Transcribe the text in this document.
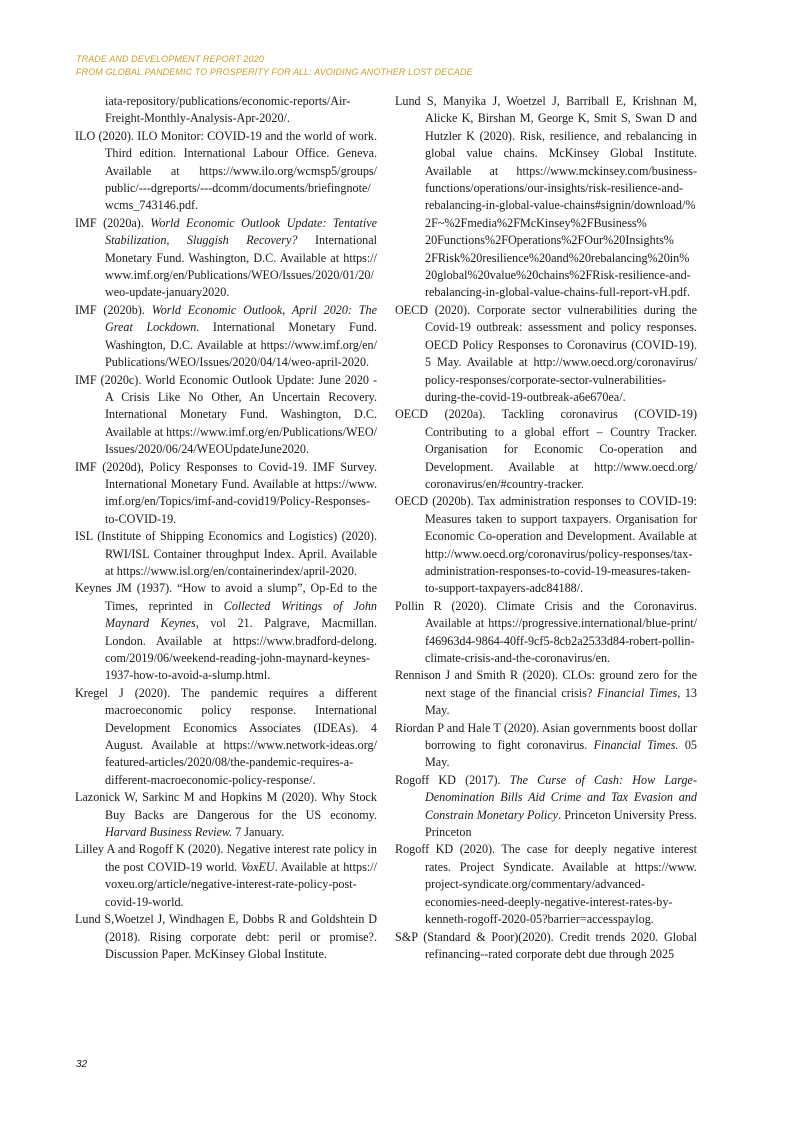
TRADE AND DEVELOPMENT REPORT 2020
FROM GLOBAL PANDEMIC TO PROSPERITY FOR ALL: AVOIDING ANOTHER LOST DECADE

iata-repository/publications/economic-reports/Air-Freight-Monthly-Analysis-Apr-2020/.

ILO (2020). ILO Monitor: COVID-19 and the world of work. Third edition. International Labour Office. Geneva. Available at https://www.ilo.org/wcmsp5/groups/public/---dgreports/---dcomm/documents/briefingnote/wcms_743146.pdf.

IMF (2020a). World Economic Outlook Update: Tentative Stabilization, Sluggish Recovery? International Monetary Fund. Washington, D.C. Available at https://www.imf.org/en/Publications/WEO/Issues/2020/01/20/weo-update-january2020.

IMF (2020b). World Economic Outlook, April 2020: The Great Lockdown. International Monetary Fund. Washington, D.C. Available at https://www.imf.org/en/Publications/WEO/Issues/2020/04/14/weo-april-2020.

IMF (2020c). World Economic Outlook Update: June 2020 - A Crisis Like No Other, An Uncertain Recovery. International Monetary Fund. Washington, D.C. Available at https://www.imf.org/en/Publications/WEO/Issues/2020/06/24/WEOUpdateJune2020.

IMF (2020d), Policy Responses to Covid-19. IMF Survey. International Monetary Fund. Available at https://www.imf.org/en/Topics/imf-and-covid19/Policy-Responses-to-COVID-19.

ISL (Institute of Shipping Economics and Logistics) (2020). RWI/ISL Container throughput Index. April. Available at https://www.isl.org/en/containerindex/april-2020.

Keynes JM (1937). “How to avoid a slump”, Op-Ed to the Times, reprinted in Collected Writings of John Maynard Keynes, vol 21. Palgrave, Macmillan. London. Available at https://www.bradford-delong.com/2019/06/weekend-reading-john-maynard-keynes-1937-how-to-avoid-a-slump.html.

Kregel J (2020). The pandemic requires a different macroeconomic policy response. International Development Economics Associates (IDEAs). 4 August. Available at https://www.network-ideas.org/featured-articles/2020/08/the-pandemic-requires-a-different-macroeconomic-policy-response/.

Lazonick W, Sarkinc M and Hopkins M (2020). Why Stock Buy Backs are Dangerous for the US economy. Harvard Business Review. 7 January.

Lilley A and Rogoff K (2020). Negative interest rate policy in the post COVID-19 world. VoxEU. Available at https://voxeu.org/article/negative-interest-rate-policy-post-covid-19-world.

Lund S,Woetzel J, Windhagen E, Dobbs R and Goldshtein D (2018). Rising corporate debt: peril or promise?. Discussion Paper. McKinsey Global Institute.

Lund S, Manyika J, Woetzel J, Barriball E, Krishnan M, Alicke K, Birshan M, George K, Smit S, Swan D and Hutzler K (2020). Risk, resilience, and rebalancing in global value chains. McKinsey Global Institute. Available at https://www.mckinsey.com/business-functions/operations/our-insights/risk-resilience-and-rebalancing-in-global-value-chains#signin/download/%2F~%2Fmedia%2FMcKinsey%2FBusiness%20Functions%2FOperations%2FOur%20Insights%2FRisk%20resilience%20and%20rebalancing%20in%20global%20value%20chains%2FRisk-resilience-and-rebalancing-in-global-value-chains-full-report-vH.pdf.

OECD (2020). Corporate sector vulnerabilities during the Covid-19 outbreak: assessment and policy responses. OECD Policy Responses to Coronavirus (COVID-19). 5 May. Available at http://www.oecd.org/coronavirus/policy-responses/corporate-sector-vulnerabilities-during-the-covid-19-outbreak-a6e670ea/.

OECD (2020a). Tackling coronavirus (COVID-19) Contributing to a global effort – Country Tracker. Organisation for Economic Co-operation and Development. Available at http://www.oecd.org/coronavirus/en/#country-tracker.

OECD (2020b). Tax administration responses to COVID-19: Measures taken to support taxpayers. Organisation for Economic Co-operation and Development. Available at http://www.oecd.org/coronavirus/policy-responses/tax-administration-responses-to-covid-19-measures-taken-to-support-taxpayers-adc84188/.

Pollin R (2020). Climate Crisis and the Coronavirus. Available at https://progressive.international/blue-print/f46963d4-9864-40ff-9cf5-8cb2a2533d84-robert-pollin-climate-crisis-and-the-coronavirus/en.

Rennison J and Smith R (2020). CLOs: ground zero for the next stage of the financial crisis? Financial Times, 13 May.

Riordan P and Hale T (2020). Asian governments boost dollar borrowing to fight coronavirus. Financial Times. 05 May.

Rogoff KD (2017). The Curse of Cash: How Large-Denomination Bills Aid Crime and Tax Evasion and Constrain Monetary Policy. Princeton University Press.Princeton

Rogoff KD (2020). The case for deeply negative interest rates. Project Syndicate. Available at https://www.project-syndicate.org/commentary/advanced-economies-need-deeply-negative-interest-rates-by-kenneth-rogoff-2020-05?barrier=accesspaylog.

S&P (Standard & Poor)(2020). Credit trends 2020. Global refinancing--rated corporate debt due through 2025

32
